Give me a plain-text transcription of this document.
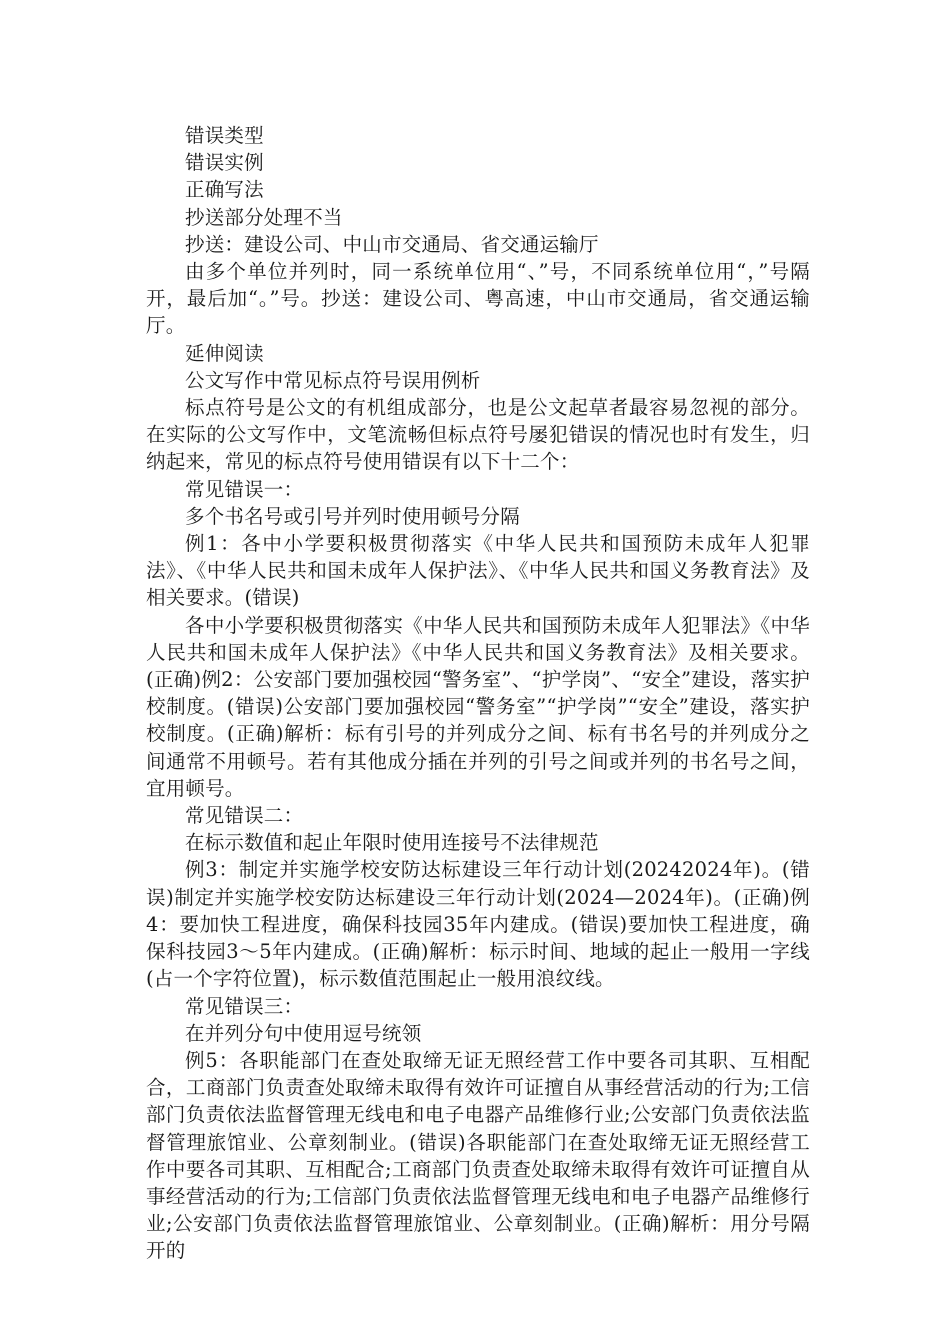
错误类型

错误实例

正确写法

抄送部分处理不当

抄送：建设公司、中山市交通局、省交通运输厅

由多个单位并列时，同一系统单位用“、”号，不同系统单位用“，”号隔开，最后加“。”号。抄送：建设公司、粤高速，中山市交通局，省交通运输厅。

延伸阅读

公文写作中常见标点符号误用例析

标点符号是公文的有机组成部分，也是公文起草者最容易忽视的部分。在实际的公文写作中，文笔流畅但标点符号屡犯错误的情况也时有发生，归纳起来，常见的标点符号使用错误有以下十二个：

常见错误一：

多个书名号或引号并列时使用顿号分隔

例1：各中小学要积极贯彻落实《中华人民共和国预防未成年人犯罪法》、《中华人民共和国未成年人保护法》、《中华人民共和国义务教育法》及相关要求。(错误)

各中小学要积极贯彻落实《中华人民共和国预防未成年人犯罪法》《中华人民共和国未成年人保护法》《中华人民共和国义务教育法》及相关要求。(正确)例2：公安部门要加强校园“警务室”、“护学岗”、“安全”建设，落实护校制度。(错误)公安部门要加强校园“警务室”“护学岗”“安全”建设，落实护校制度。(正确)解析：标有引号的并列成分之间、标有书名号的并列成分之间通常不用顿号。若有其他成分插在并列的引号之间或并列的书名号之间，宜用顿号。

常见错误二：

在标示数值和起止年限时使用连接号不法律规范

例3：制定并实施学校安防达标建设三年行动计划(20242024年)。(错误)制定并实施学校安防达标建设三年行动计划(2024—2024年)。(正确)例4：要加快工程进度，确保科技园35年内建成。(错误)要加快工程进度，确保科技园3～5年内建成。(正确)解析：标示时间、地域的起止一般用一字线(占一个字符位置)，标示数值范围起止一般用浪纹线。

常见错误三：

在并列分句中使用逗号统领

例5：各职能部门在查处取缔无证无照经营工作中要各司其职、互相配合，工商部门负责查处取缔未取得有效许可证擅自从事经营活动的行为;工信部门负责依法监督管理无线电和电子电器产品维修行业;公安部门负责依法监督管理旅馆业、公章刻制业。(错误)各职能部门在查处取缔无证无照经营工作中要各司其职、互相配合;工商部门负责查处取缔未取得有效许可证擅自从事经营活动的行为;工信部门负责依法监督管理无线电和电子电器产品维修行业;公安部门负责依法监督管理旅馆业、公章刻制业。(正确)解析：用分号隔开的
